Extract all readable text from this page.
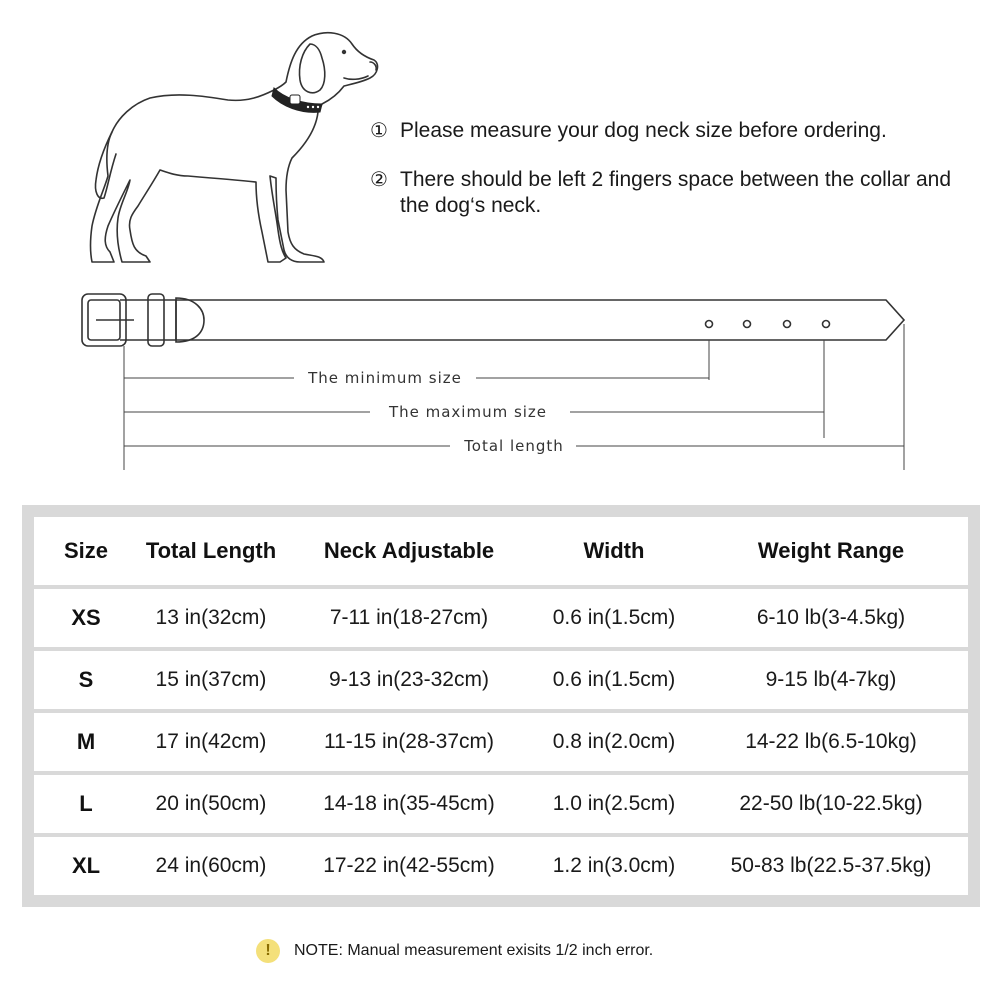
① Please measure your dog neck size before ordering.
② There should be left 2 fingers space between the collar and the dog‘s neck.
The minimum size
The maximum size
Total length
Size	Total Length	Neck Adjustable	Width	Weight Range
XS	13 in(32cm)	7-11 in(18-27cm)	0.6 in(1.5cm)	6-10 lb(3-4.5kg)
S	15 in(37cm)	9-13 in(23-32cm)	0.6 in(1.5cm)	9-15 lb(4-7kg)
M	17 in(42cm)	11-15 in(28-37cm)	0.8 in(2.0cm)	14-22 lb(6.5-10kg)
L	20 in(50cm)	14-18 in(35-45cm)	1.0 in(2.5cm)	22-50 lb(10-22.5kg)
XL	24 in(60cm)	17-22 in(42-55cm)	1.2 in(3.0cm)	50-83 lb(22.5-37.5kg)
!	NOTE: Manual measurement exisits 1/2 inch error.
